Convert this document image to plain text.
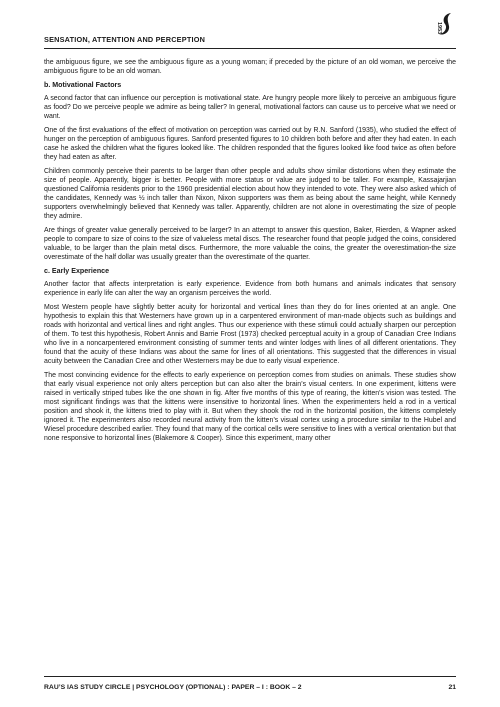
SENSATION, ATTENTION AND PERCEPTION
1953

the ambiguous figure, we see the ambiguous figure as a young woman; if preceded by the picture of an old woman, we perceive the ambiguous figure to be an old woman.

b. Motivational Factors

A second factor that can influence our perception is motivational state. Are hungry people more likely to perceive an ambiguous figure as food? Do we perceive people we admire as being taller? In general, motivational factors can cause us to perceive what we need or want.

One of the first evaluations of the effect of motivation on perception was carried out by R.N. Sanford (1935), who studied the effect of hunger on the perception of ambiguous figures. Sanford presented figures to 10 children both before and after they had eaten. In each case he asked the children what the figures looked like. The children responded that the figures looked like food twice as often before they had eaten as after.

Children commonly perceive their parents to be larger than other people and adults show similar distortions when they estimate the size of people. Apparently, bigger is better. People with more status or value are judged to be taller. For example, Kassajarjian questioned California residents prior to the 1960 presidential election about how they intended to vote. They were also asked which of the candidates, Kennedy was ½ inch taller than Nixon, Nixon supporters was them as being about the same height, while Kennedy supporters overwhelmingly believed that Kennedy was taller. Apparently, children are not alone in overestimating the size of people they admire.

Are things of greater value generally perceived to be larger? In an attempt to answer this question, Baker, Rierden, & Wapner asked people to compare to size of coins to the size of valueless metal discs. The researcher found that people judged the coins, considered valuable, to be larger than the plain metal discs. Furthermore, the more valuable the coins, the greater the overestimation-the size overestimate of the half dollar was usually greater than the overestimate of the quarter.

c. Early Experience

Another factor that affects interpretation is early experience. Evidence from both humans and animals indicates that sensory experience in early life can alter the way an organism perceives the world.

Most Western people have slightly better acuity for horizontal and vertical lines than they do for lines oriented at an angle. One hypothesis to explain this that Westerners have grown up in a carpentered environment of man-made objects such as buildings and roads with horizontal and vertical lines and right angles. Thus our experience with these stimuli could actually sharpen our perception of them. To test this hypothesis, Robert Annis and Barrie Frost (1973) checked perceptual acuity in a group of Canadian Cree Indians who live in a noncarpentered environment consisting of summer tents and winter lodges with lines of all different orientations. They found that the acuity of these Indians was about the same for lines of all orientations. This suggested that the differences in visual acuity between the Canadian Cree and other Westerners may be due to early visual experience.

The most convincing evidence for the effects to early experience on perception comes from studies on animals. These studies show that early visual experience not only alters perception but can also alter the brain’s visual centers. In one experiment, kittens were raised in vertically striped tubes like the one shown in fig. After five months of this type of rearing, the kitten’s vision was tested. The most significant findings was that the kittens were insensitive to horizontal lines. When the experimenters held a rod in a vertical position and shook it, the kittens tried to play with it. But when they shook the rod in the horizontal position, the kittens completely ignored it. The experimenters also recorded neural activity from the kitten’s visual cortex using a procedure similar to the Hubel and Wiesel procedure described earlier. They found that many of the cortical cells were sensitive to lines with a vertical orientation but that none responsive to horizontal lines (Blakemore & Cooper). Since this experiment, many other

RAU’S IAS STUDY CIRCLE | PSYCHOLOGY (OPTIONAL) : PAPER – I : BOOK – 2	21
